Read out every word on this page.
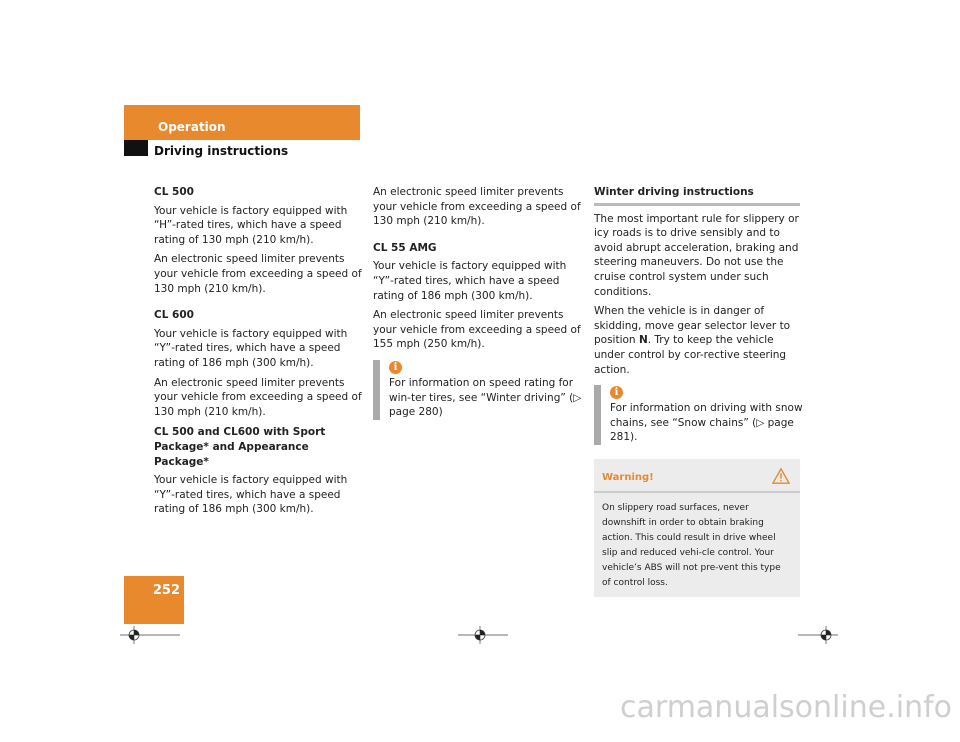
Operation
Driving instructions
252
CL 500

Your vehicle is factory equipped with “H”-rated tires, which have a speed rating of 130 mph (210 km/h).

An electronic speed limiter prevents your vehicle from exceeding a speed of 130 mph (210 km/h).

CL 600

Your vehicle is factory equipped with “Y”-rated tires, which have a speed rating of 186 mph (300 km/h).

An electronic speed limiter prevents your vehicle from exceeding a speed of 130 mph (210 km/h).

CL 500 and CL600 with Sport Package* and Appearance Package*

Your vehicle is factory equipped with “Y”-rated tires, which have a speed rating of 186 mph (300 km/h).

An electronic speed limiter prevents your vehicle from exceeding a speed of 130 mph (210 km/h).

CL 55 AMG

Your vehicle is factory equipped with “Y”-rated tires, which have a speed rating of 186 mph (300 km/h).

An electronic speed limiter prevents your vehicle from exceeding a speed of 155 mph (250 km/h).

i
For information on speed rating for win-ter tires, see “Winter driving” (▷ page 280)
Winter driving instructions

The most important rule for slippery or icy roads is to drive sensibly and to avoid abrupt acceleration, braking and steering maneuvers. Do not use the cruise control system under such conditions.

When the vehicle is in danger of skidding, move gear selector lever to position N. Try to keep the vehicle under control by cor-rective steering action.

i
For information on driving with snow chains, see “Snow chains” (▷ page 281).
Warning!
On slippery road surfaces, never downshift in order to obtain braking action. This could result in drive wheel slip and reduced vehi-cle control. Your vehicle’s ABS will not pre-vent this type of control loss.
carmanualsonline.info
